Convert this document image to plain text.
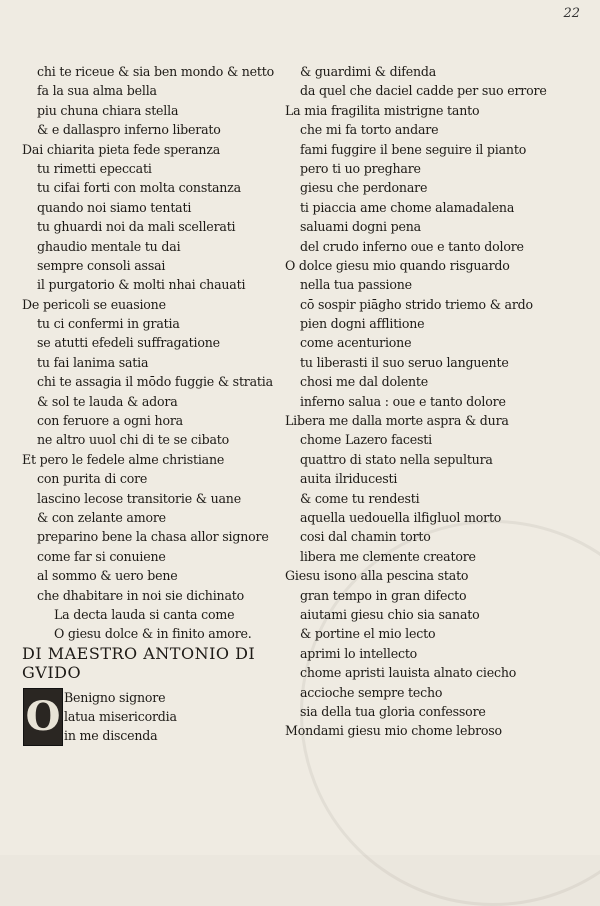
22
chi te riceue & sia ben mondo & netto
fa la sua alma bella
piu chuna chiara stella
& e dallaspro inferno liberato
Dai chiarita pieta fede speranza
tu rimetti epeccati
tu cifai forti con molta constanza
quando noi siamo tentati
tu ghuardi noi da mali scellerati
ghaudio mentale tu dai
sempre consoli assai
il purgatorio & molti nhai chauati
De pericoli se euasione
tu ci confermi in gratia
se atutti efedeli suffragatione
tu fai lanima satia
chi te assagia il mōdo fuggie & stratia
& sol te lauda & adora
con feruore a ogni hora
ne altro uuol chi di te se cibato
Et pero le fedele alme christiane
con purita di core
lascino lecose transitorie & uane
& con zelante amore
preparino bene la chasa allor signore
come far si conuiene
al sommo & uero bene
che dhabitare in noi sie dichinato
La decta lauda si canta come
O giesu dolce & in finito amore.
DI MAESTRO ANTONIO DI
GVIDO
O Benigno signore
latua misericordia
in me discenda
& guardimi & difenda
da quel che daciel cadde per suo errore
La mia fragilita mistrigne tanto
che mi fa torto andare
fami fuggire il bene seguire il pianto
pero ti uo preghare
giesu che perdonare
ti piaccia ame chome alamadalena
saluami dogni pena
del crudo inferno oue e tanto dolore
O dolce giesu mio quando risguardo
nella tua passione
cō sospir piāgho strido triemo & ardo
pien dogni afflitione
come acenturione
tu liberasti il suo seruo languente
chosi me dal dolente
inferno salua : oue e tanto dolore
Libera me dalla morte aspra & dura
chome Lazero facesti
quattro di stato nella sepultura
auita ilriducesti
& come tu rendesti
aquella uedouella ilfigluol morto
cosi dal chamin torto
libera me clemente creatore
Giesu isono alla pescina stato
gran tempo in gran difecto
aiutami giesu chio sia sanato
& portine el mio lecto
aprimi lo intellecto
chome apristi lauista alnato ciecho
accioche sempre techo
sia della tua gloria confessore
Mondami giesu mio chome lebroso
